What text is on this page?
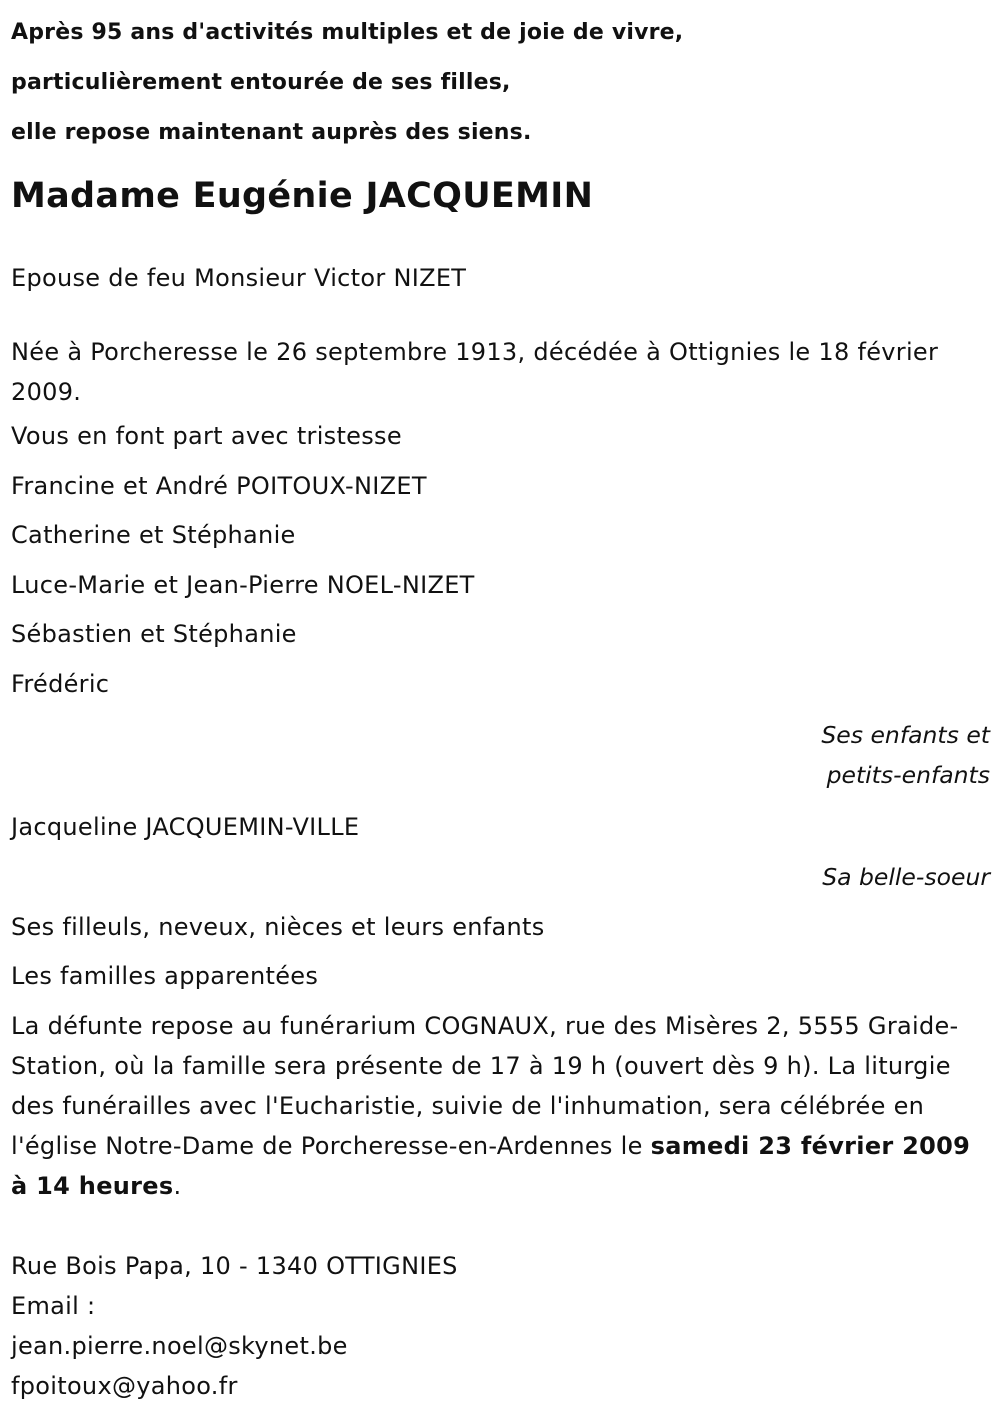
Après 95 ans d'activités multiples et de joie de vivre,

particulièrement entourée de ses filles,

elle repose maintenant auprès des siens.

Madame Eugénie JACQUEMIN

Epouse de feu Monsieur Victor NIZET

Née à Porcheresse le 26 septembre 1913, décédée à Ottignies le 18 février 2009.

Vous en font part avec tristesse

Francine et André POITOUX-NIZET

Catherine et Stéphanie

Luce-Marie et Jean-Pierre NOEL-NIZET

Sébastien et Stéphanie

Frédéric

Ses enfants et

petits-enfants

Jacqueline JACQUEMIN-VILLE

Sa belle-soeur

Ses filleuls, neveux, nièces et leurs enfants

Les familles apparentées

La défunte repose au funérarium COGNAUX, rue des Misères 2, 5555 Graide-Station, où la famille sera présente de 17 à 19 h (ouvert dès 9 h). La liturgie des funérailles avec l'Eucharistie, suivie de l'inhumation, sera célébrée en l'église Notre-Dame de Porcheresse-en-Ardennes le samedi 23 février 2009 à 14 heures.

Rue Bois Papa, 10 - 1340 OTTIGNIES

Email :

jean.pierre.noel@skynet.be

fpoitoux@yahoo.fr
